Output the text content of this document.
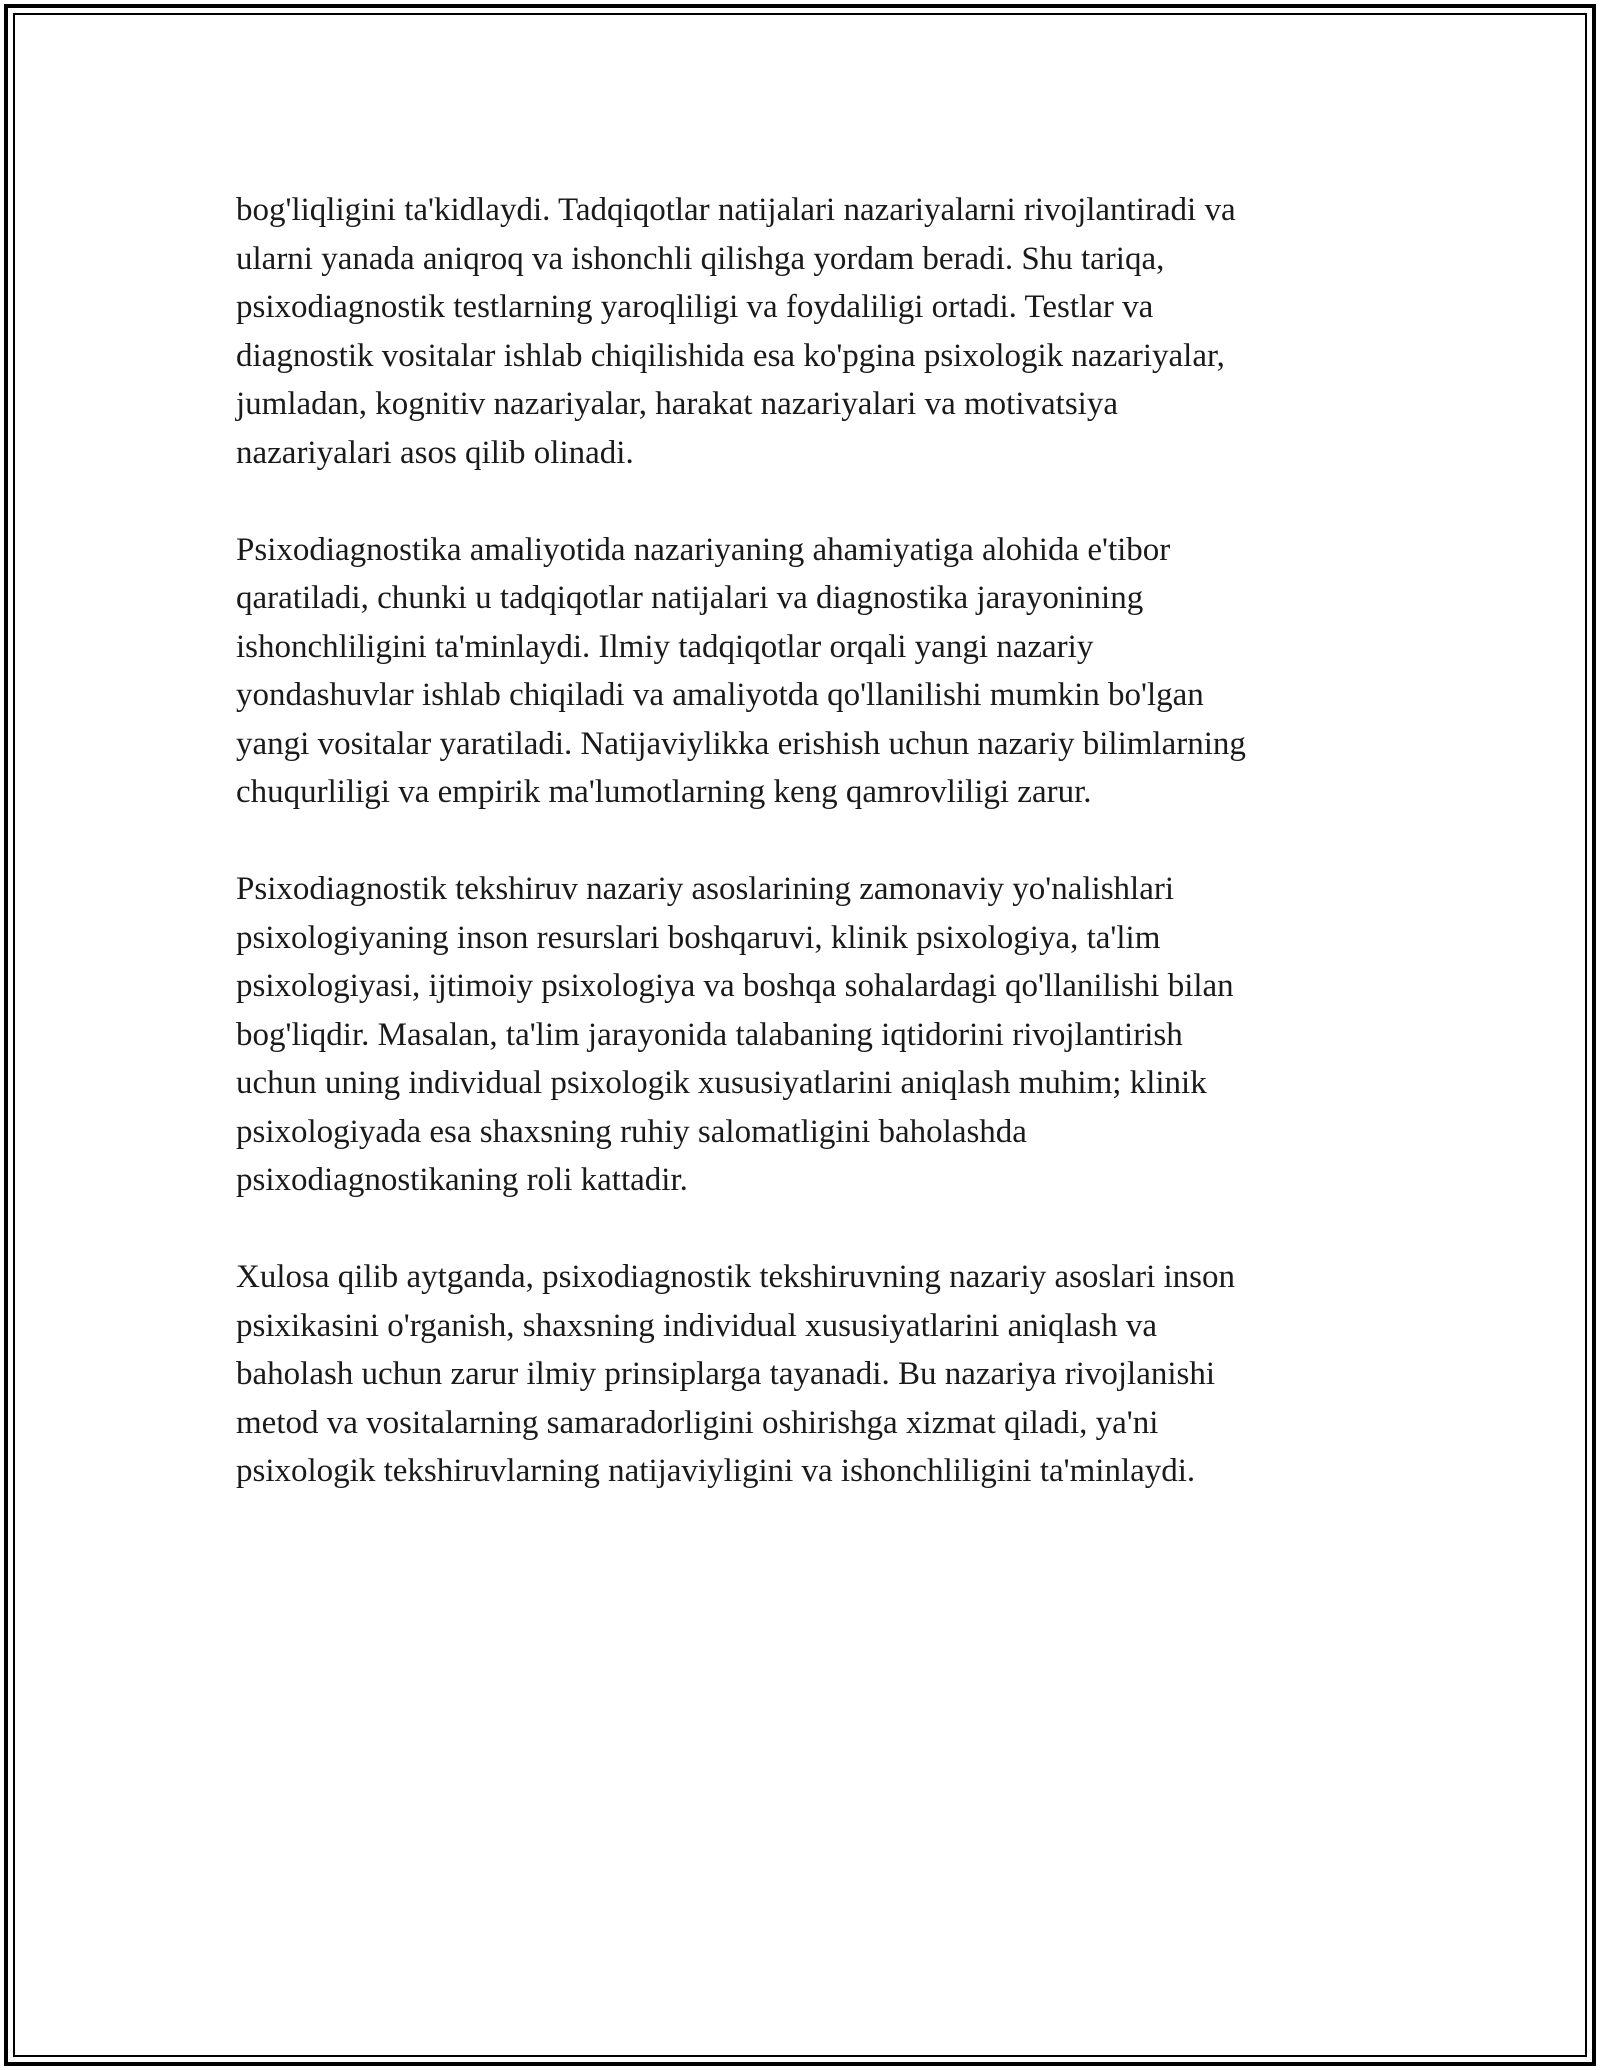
bog'liqligini ta'kidlaydi. Tadqiqotlar natijalari nazariyalarni rivojlantiradi va
ularni yanada aniqroq va ishonchli qilishga yordam beradi. Shu tariqa,
psixodiagnostik testlarning yaroqliligi va foydaliligi ortadi. Testlar va
diagnostik vositalar ishlab chiqilishida esa ko'pgina psixologik nazariyalar,
jumladan, kognitiv nazariyalar, harakat nazariyalari va motivatsiya
nazariyalari asos qilib olinadi.

Psixodiagnostika amaliyotida nazariyaning ahamiyatiga alohida e'tibor
qaratiladi, chunki u tadqiqotlar natijalari va diagnostika jarayonining
ishonchliligini ta'minlaydi. Ilmiy tadqiqotlar orqali yangi nazariy
yondashuvlar ishlab chiqiladi va amaliyotda qo'llanilishi mumkin bo'lgan
yangi vositalar yaratiladi. Natijaviylikka erishish uchun nazariy bilimlarning
chuqurliligi va empirik ma'lumotlarning keng qamrovliligi zarur.

Psixodiagnostik tekshiruv nazariy asoslarining zamonaviy yo'nalishlari
psixologiyaning inson resurslari boshqaruvi, klinik psixologiya, ta'lim
psixologiyasi, ijtimoiy psixologiya va boshqa sohalardagi qo'llanilishi bilan
bog'liqdir. Masalan, ta'lim jarayonida talabaning iqtidorini rivojlantirish
uchun uning individual psixologik xususiyatlarini aniqlash muhim; klinik
psixologiyada esa shaxsning ruhiy salomatligini baholashda
psixodiagnostikaning roli kattadir.

Xulosa qilib aytganda, psixodiagnostik tekshiruvning nazariy asoslari inson
psixikasini o'rganish, shaxsning individual xususiyatlarini aniqlash va
baholash uchun zarur ilmiy prinsiplarga tayanadi. Bu nazariya rivojlanishi
metod va vositalarning samaradorligini oshirishga xizmat qiladi, ya'ni
psixologik tekshiruvlarning natijaviyligini va ishonchliligini ta'minlaydi.
